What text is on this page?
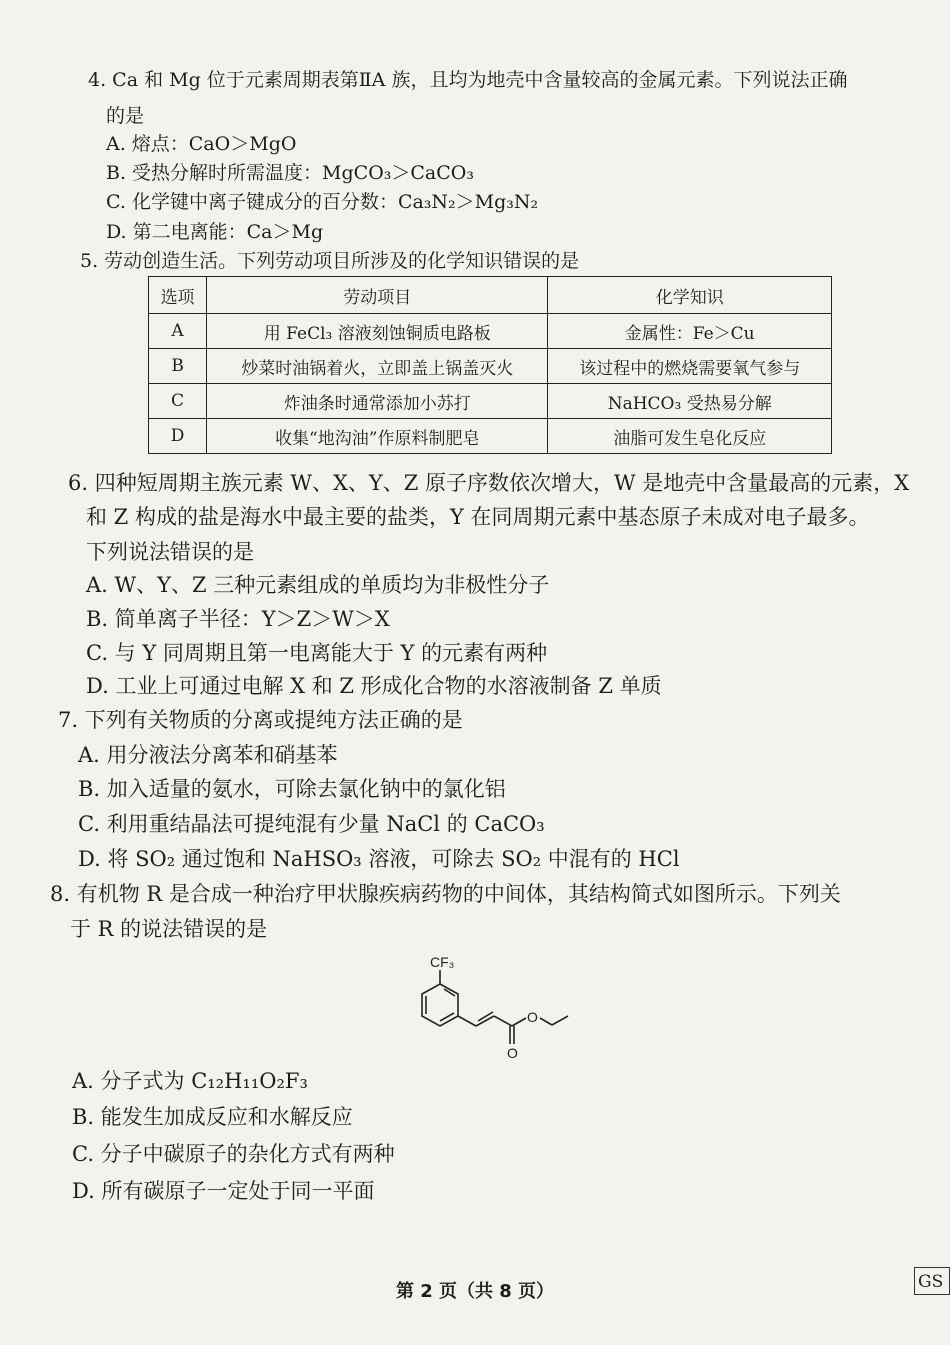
4. Ca 和 Mg 位于元素周期表第ⅡA 族，且均为地壳中含量较高的金属元素。下列说法正确
的是
A. 熔点：CaO＞MgO
B. 受热分解时所需温度：MgCO₃＞CaCO₃
C. 化学键中离子键成分的百分数：Ca₃N₂＞Mg₃N₂
D. 第二电离能：Ca＞Mg
5. 劳动创造生活。下列劳动项目所涉及的化学知识错误的是
选项	劳动项目	化学知识
A	用 FeCl₃ 溶液刻蚀铜质电路板	金属性：Fe＞Cu
B	炒菜时油锅着火，立即盖上锅盖灭火	该过程中的燃烧需要氧气参与
C	炸油条时通常添加小苏打	NaHCO₃ 受热易分解
D	收集“地沟油”作原料制肥皂	油脂可发生皂化反应
6. 四种短周期主族元素 W、X、Y、Z 原子序数依次增大，W 是地壳中含量最高的元素，X
和 Z 构成的盐是海水中最主要的盐类，Y 在同周期元素中基态原子未成对电子最多。
下列说法错误的是
A. W、Y、Z 三种元素组成的单质均为非极性分子
B. 简单离子半径：Y＞Z＞W＞X
C. 与 Y 同周期且第一电离能大于 Y 的元素有两种
D. 工业上可通过电解 X 和 Z 形成化合物的水溶液制备 Z 单质
7. 下列有关物质的分离或提纯方法正确的是
A. 用分液法分离苯和硝基苯
B. 加入适量的氨水，可除去氯化钠中的氯化铝
C. 利用重结晶法可提纯混有少量 NaCl 的 CaCO₃
D. 将 SO₂ 通过饱和 NaHSO₃ 溶液，可除去 SO₂ 中混有的 HCl
8. 有机物 R 是合成一种治疗甲状腺疾病药物的中间体，其结构简式如图所示。下列关
于 R 的说法错误的是
CF₃
O
O
A. 分子式为 C₁₂H₁₁O₂F₃
B. 能发生加成反应和水解反应
C. 分子中碳原子的杂化方式有两种
D. 所有碳原子一定处于同一平面
第 2 页（共 8 页）	GS
